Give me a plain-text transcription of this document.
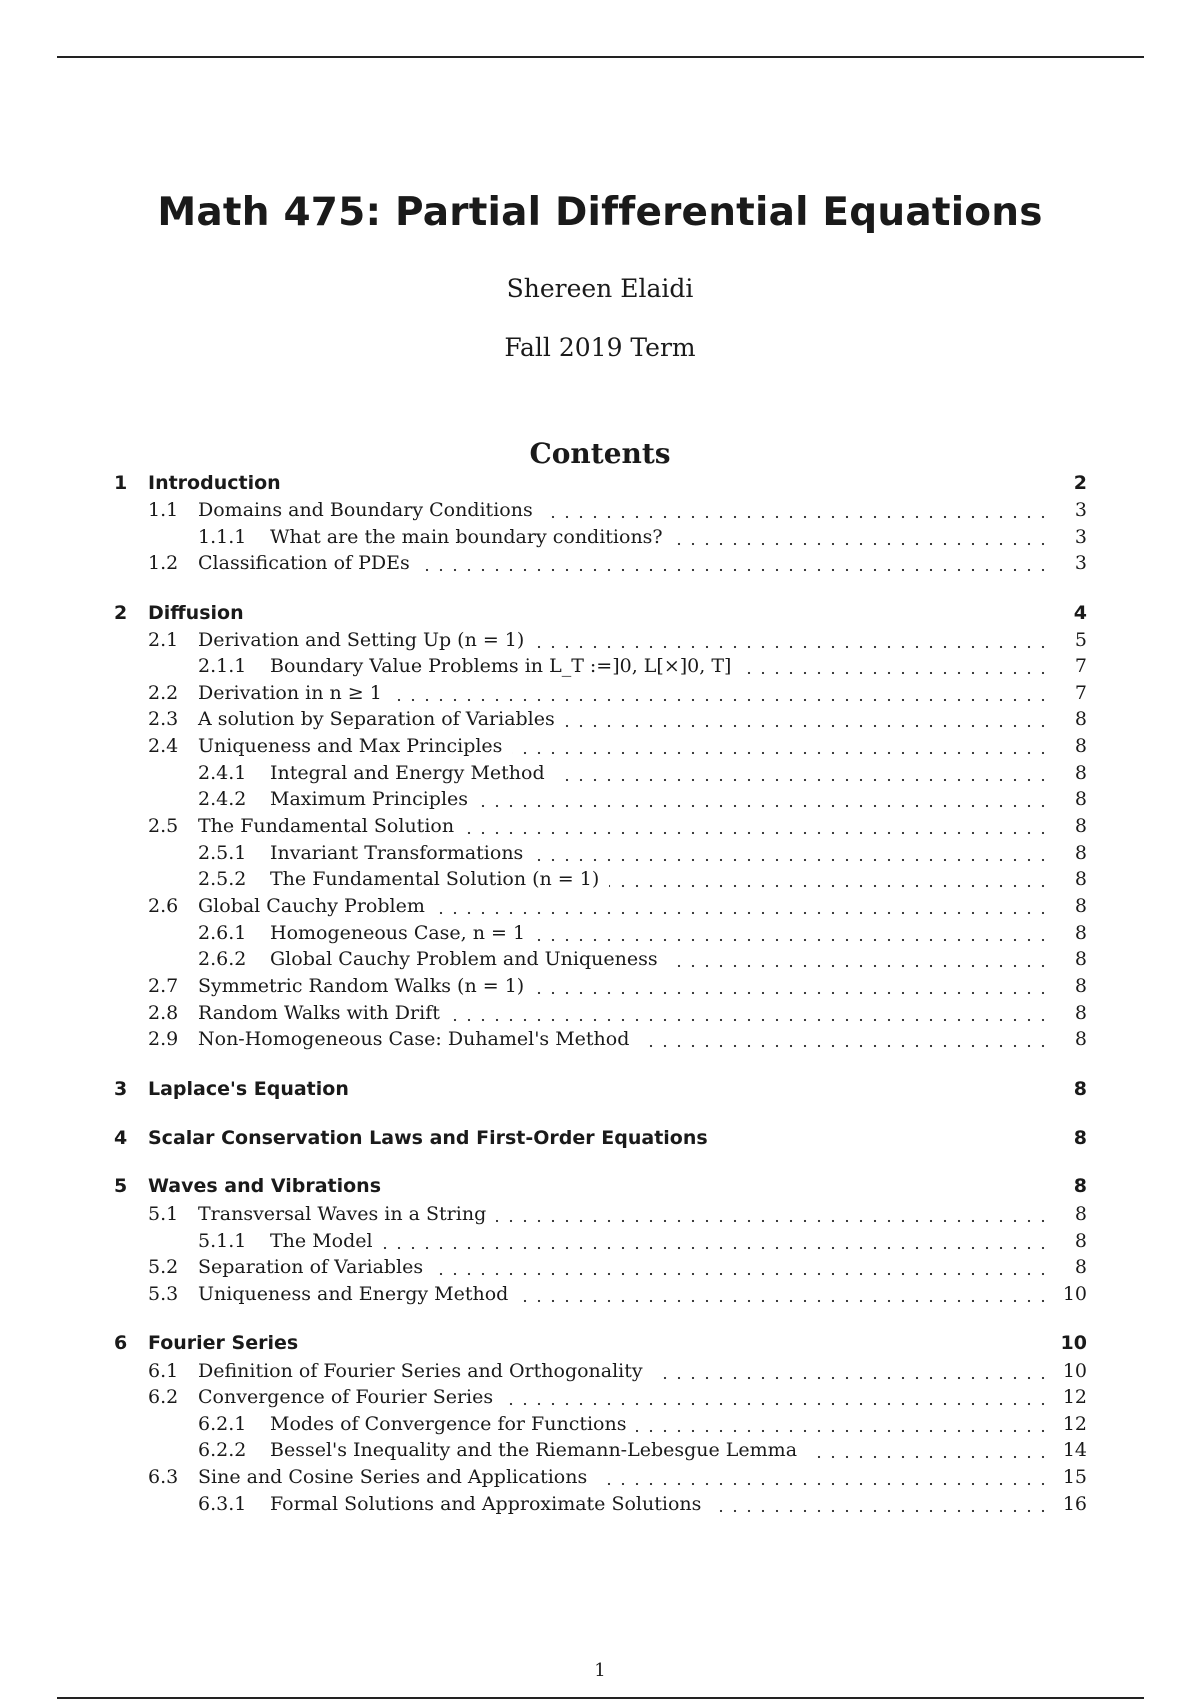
Math 475: Partial Differential Equations
Shereen Elaidi
Fall 2019 Term
Contents
1 Introduction	2
1.1 Domains and Boundary Conditions	3
1.1.1 What are the main boundary conditions?	3
1.2 Classification of PDEs	3
2 Diffusion	4
2.1 Derivation and Setting Up (n = 1)	5
2.1.1 Boundary Value Problems in L_T :=]0, L[×]0, T]	7
2.2 Derivation in n ≥ 1	7
2.3 A solution by Separation of Variables	8
2.4 Uniqueness and Max Principles	8
2.4.1 Integral and Energy Method	8
2.4.2 Maximum Principles	8
2.5 The Fundamental Solution	8
2.5.1 Invariant Transformations	8
2.5.2 The Fundamental Solution (n = 1)	8
2.6 Global Cauchy Problem	8
2.6.1 Homogeneous Case, n = 1	8
2.6.2 Global Cauchy Problem and Uniqueness	8
2.7 Symmetric Random Walks (n = 1)	8
2.8 Random Walks with Drift	8
2.9 Non-Homogeneous Case: Duhamel's Method	8
3 Laplace's Equation	8
4 Scalar Conservation Laws and First-Order Equations	8
5 Waves and Vibrations	8
5.1 Transversal Waves in a String	8
5.1.1 The Model	8
5.2 Separation of Variables	8
5.3 Uniqueness and Energy Method	10
6 Fourier Series	10
6.1 Definition of Fourier Series and Orthogonality	10
6.2 Convergence of Fourier Series	12
6.2.1 Modes of Convergence for Functions	12
6.2.2 Bessel's Inequality and the Riemann-Lebesgue Lemma	14
6.3 Sine and Cosine Series and Applications	15
6.3.1 Formal Solutions and Approximate Solutions	16
1
